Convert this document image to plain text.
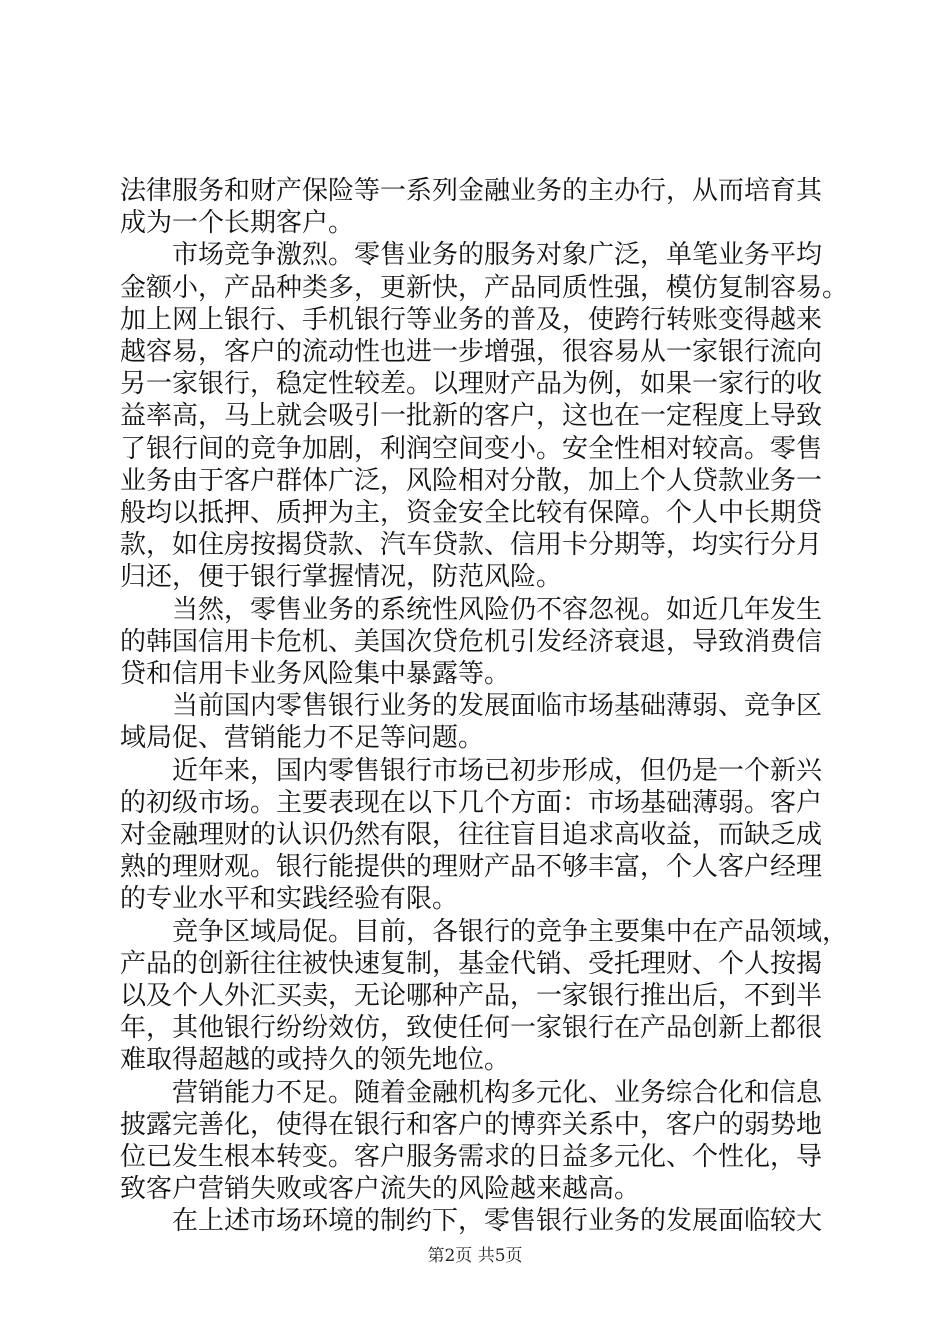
法律服务和财产保险等一系列金融业务的主办行，从而培育其
成为一个长期客户。
　　市场竞争激烈。零售业务的服务对象广泛，单笔业务平均
金额小，产品种类多，更新快，产品同质性强，模仿复制容易。
加上网上银行、手机银行等业务的普及，使跨行转账变得越来
越容易，客户的流动性也进一步增强，很容易从一家银行流向
另一家银行，稳定性较差。以理财产品为例，如果一家行的收
益率高，马上就会吸引一批新的客户，这也在一定程度上导致
了银行间的竞争加剧，利润空间变小。安全性相对较高。零售
业务由于客户群体广泛，风险相对分散，加上个人贷款业务一
般均以抵押、质押为主，资金安全比较有保障。个人中长期贷
款，如住房按揭贷款、汽车贷款、信用卡分期等，均实行分月
归还，便于银行掌握情况，防范风险。
　　当然，零售业务的系统性风险仍不容忽视。如近几年发生
的韩国信用卡危机、美国次贷危机引发经济衰退，导致消费信
贷和信用卡业务风险集中暴露等。
　　当前国内零售银行业务的发展面临市场基础薄弱、竞争区
域局促、营销能力不足等问题。
　　近年来，国内零售银行市场已初步形成，但仍是一个新兴
的初级市场。主要表现在以下几个方面：市场基础薄弱。客户
对金融理财的认识仍然有限，往往盲目追求高收益，而缺乏成
熟的理财观。银行能提供的理财产品不够丰富，个人客户经理
的专业水平和实践经验有限。
　　竞争区域局促。目前，各银行的竞争主要集中在产品领域，
产品的创新往往被快速复制，基金代销、受托理财、个人按揭
以及个人外汇买卖，无论哪种产品，一家银行推出后，不到半
年，其他银行纷纷效仿，致使任何一家银行在产品创新上都很
难取得超越的或持久的领先地位。
　　营销能力不足。随着金融机构多元化、业务综合化和信息
披露完善化，使得在银行和客户的博弈关系中，客户的弱势地
位已发生根本转变。客户服务需求的日益多元化、个性化，导
致客户营销失败或客户流失的风险越来越高。
　　在上述市场环境的制约下，零售银行业务的发展面临较大
第2页 共5页
